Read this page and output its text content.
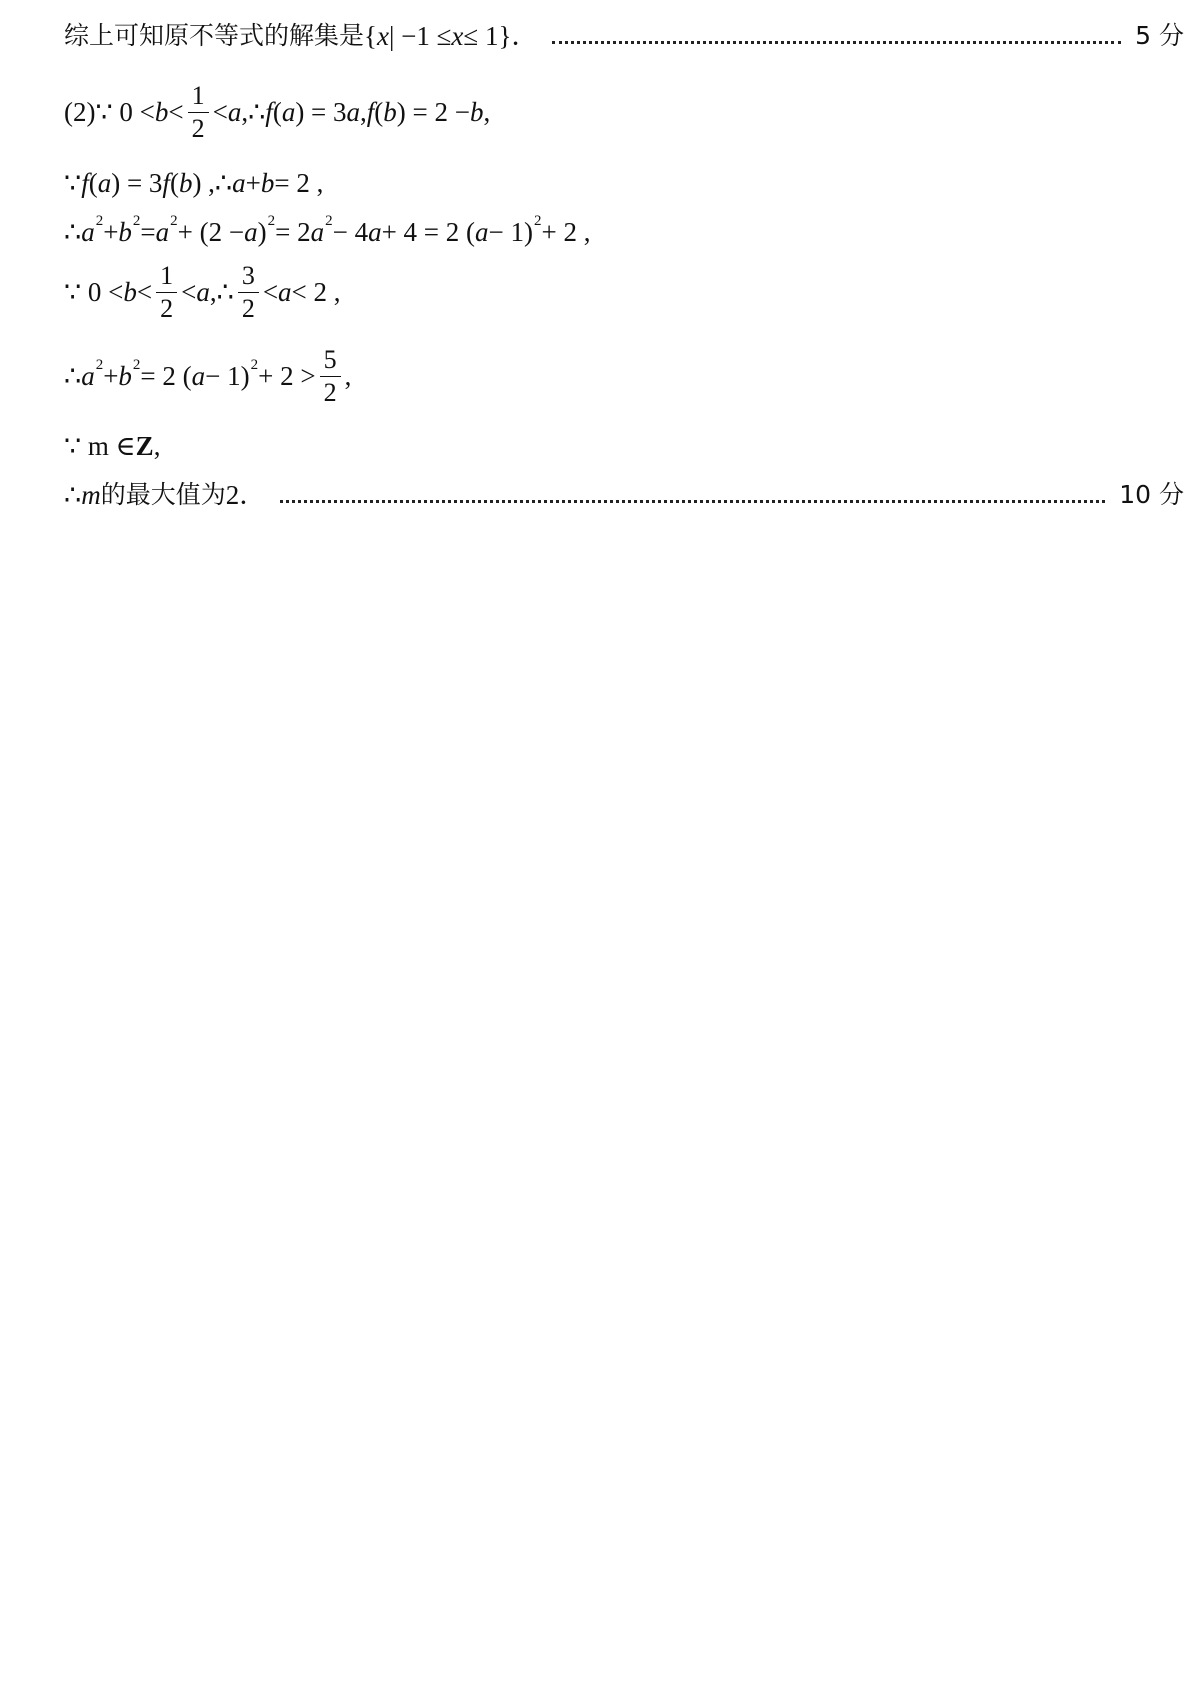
综上可知原不等式的解集是 { x | −1 ≤ x ≤ 1}．	5 分
(2)∵ $0 < b < \frac{1}{2} < a$ ,∴ f ( a ) = 3 a , f ( b ) = 2 − b ,
∵ f ( a ) = 3 f ( b ) ,∴ a + b = 2 ,
∴ a 2 + b 2 = a 2 + (2 − a ) 2 = 2 a 2 − 4 a + 4 = 2 ( a − 1) 2 + 2 ,
∵ $0 < b < \frac{1}{2} < a$ ,∴ $\frac{3}{2} < a < 2$ ,
∴ a 2 + b 2 = 2 ( a − 1) $2 + 2 > \frac{5}{2}$ ,
∵ m ∈ Z ,
∴ m 的最大值为 2．	10 分
